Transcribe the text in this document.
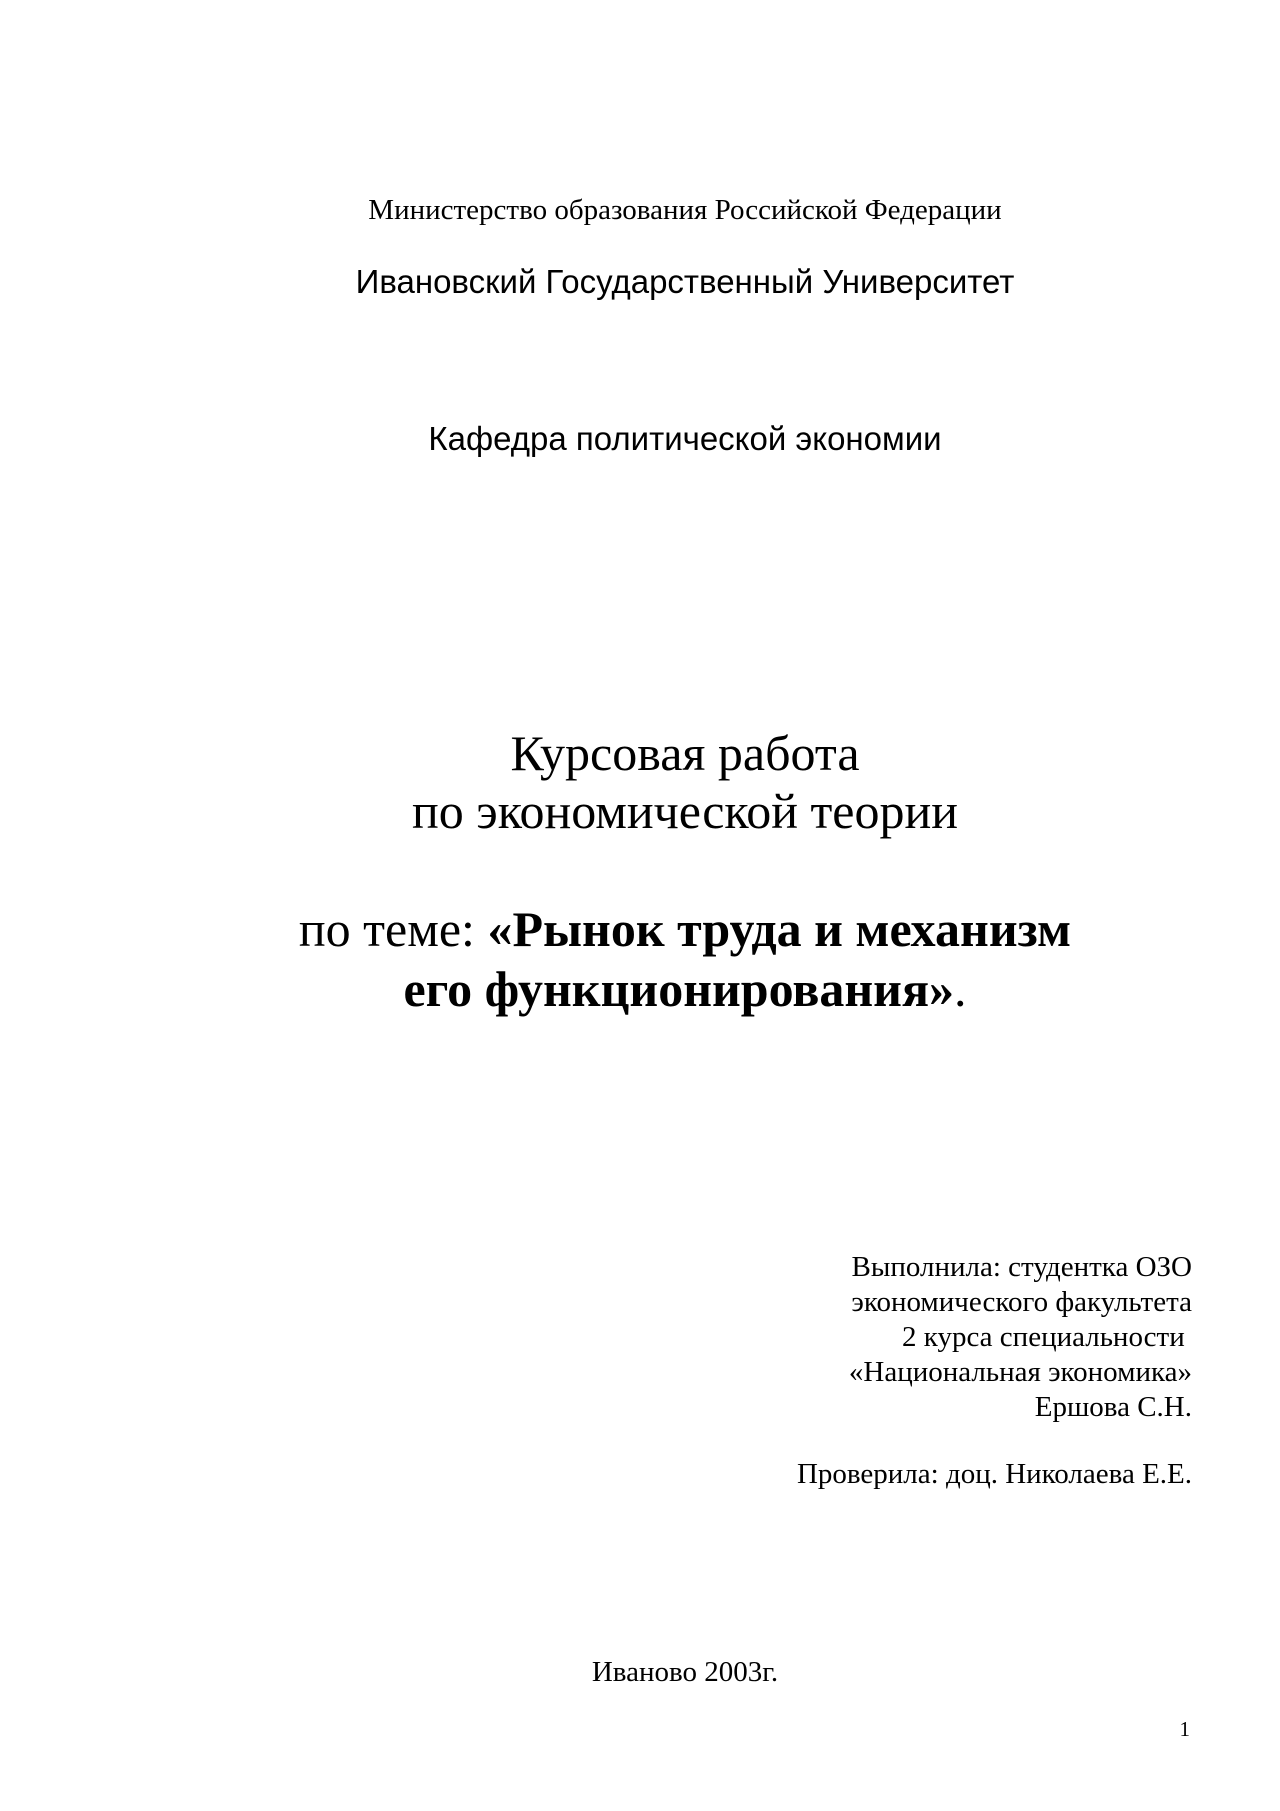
Министерство образования Российской Федерации
Ивановский Государственный Университет
Кафедра политической экономии
Курсовая работа
по экономической теории
по теме: «Рынок труда и механизм
его функционирования».
Выполнила: студентка ОЗО
экономического факультета
2 курса специальности
«Национальная экономика»
Ершова С.Н.
Проверила: доц. Николаева Е.Е.
Иваново 2003г.
1
